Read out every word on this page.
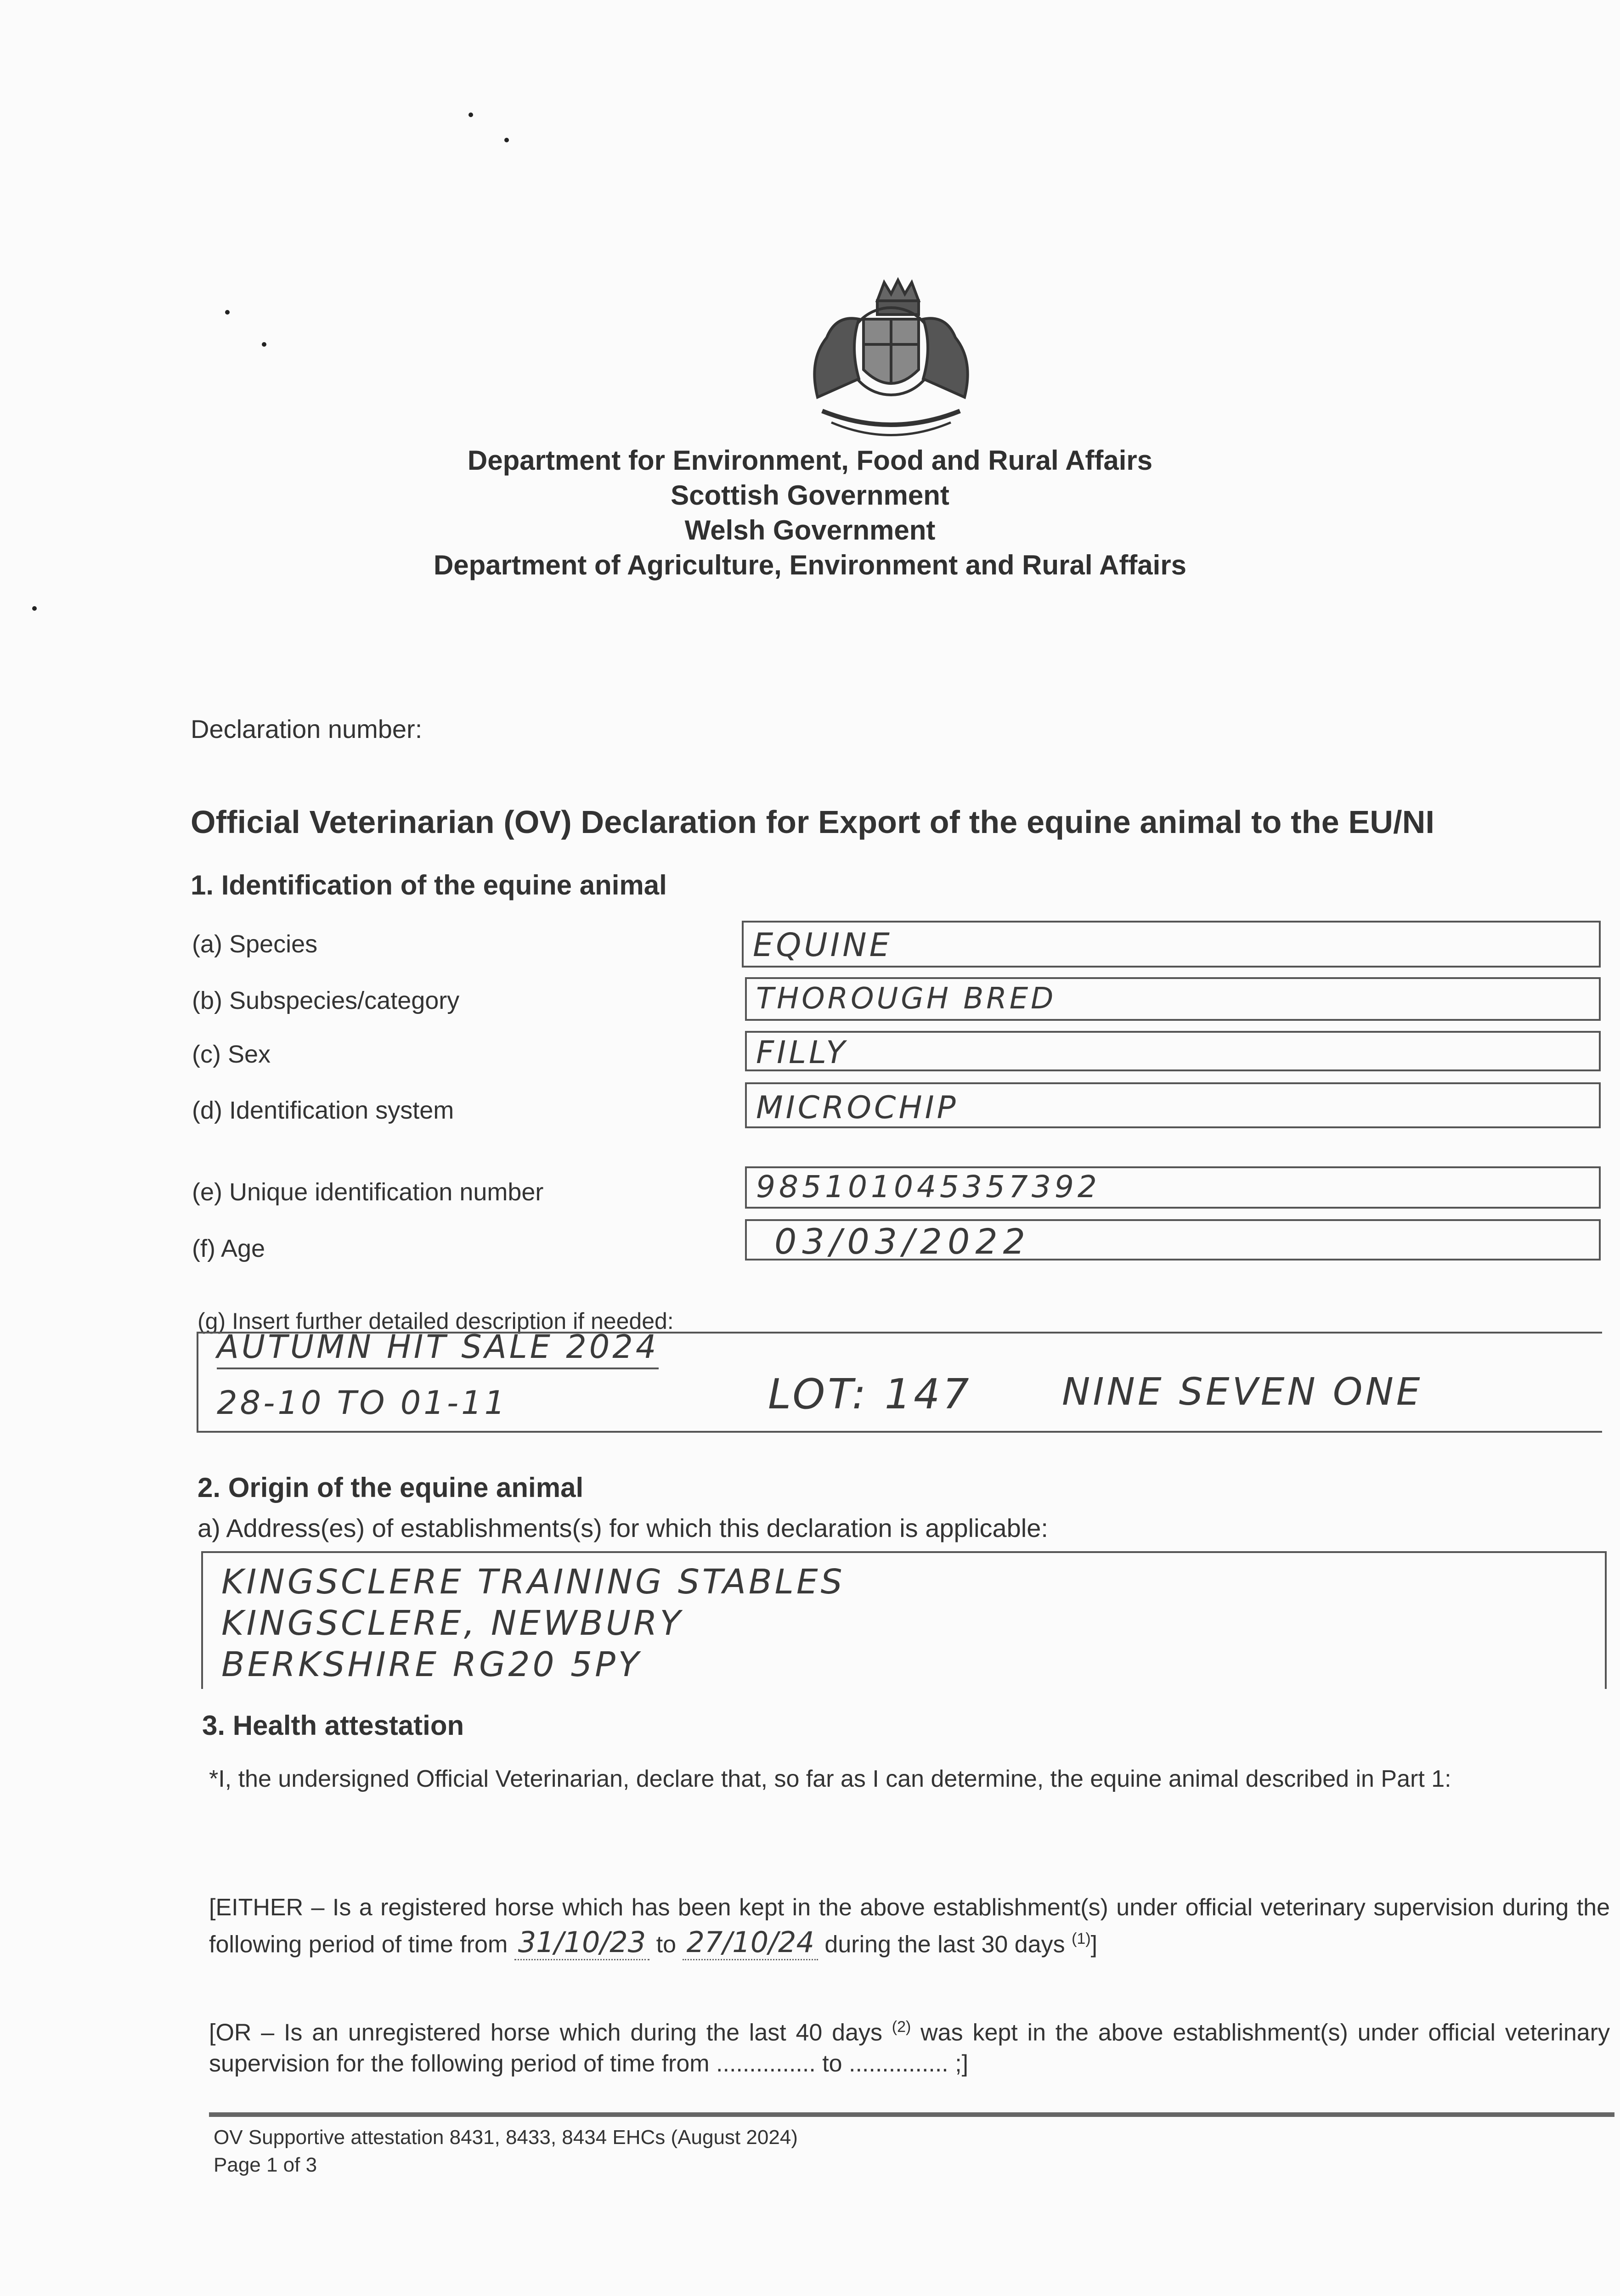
Department for Environment, Food and Rural Affairs
Scottish Government
Welsh Government
Department of Agriculture, Environment and Rural Affairs
Declaration number:
Official Veterinarian (OV) Declaration for Export of the equine animal to the EU/NI
1. Identification of the equine animal
(a) Species	EQUINE
(b) Subspecies/category	THOROUGH BRED
(c) Sex	FILLY
(d) Identification system	MICROCHIP
(e) Unique identification number	985101045357392
(f) Age	03/03/2022
(g) Insert further detailed description if needed:
AUTUMN HIT SALE 2024
28-10 TO 01-11	LOT: 147 NINE SEVEN ONE
2. Origin of the equine animal
a) Address(es) of establishments(s) for which this declaration is applicable:
KINGSCLERE TRAINING STABLES
KINGSCLERE, NEWBURY
BERKSHIRE RG20 5PY
3. Health attestation
*I, the undersigned Official Veterinarian, declare that, so far as I can determine, the equine animal described in Part 1:
[EITHER – Is a registered horse which has been kept in the above establishment(s) under official veterinary supervision during the following period of time from 31/10/23 to 27/10/24 during the last 30 days $^{(1)}$]
[OR – Is an unregistered horse which during the last 40 days $^{(2)}$ was kept in the above establishment(s) under official veterinary supervision for the following period of time from ............... to ............... ;]
OV Supportive attestation 8431, 8433, 8434 EHCs (August 2024)
Page 1 of 3
